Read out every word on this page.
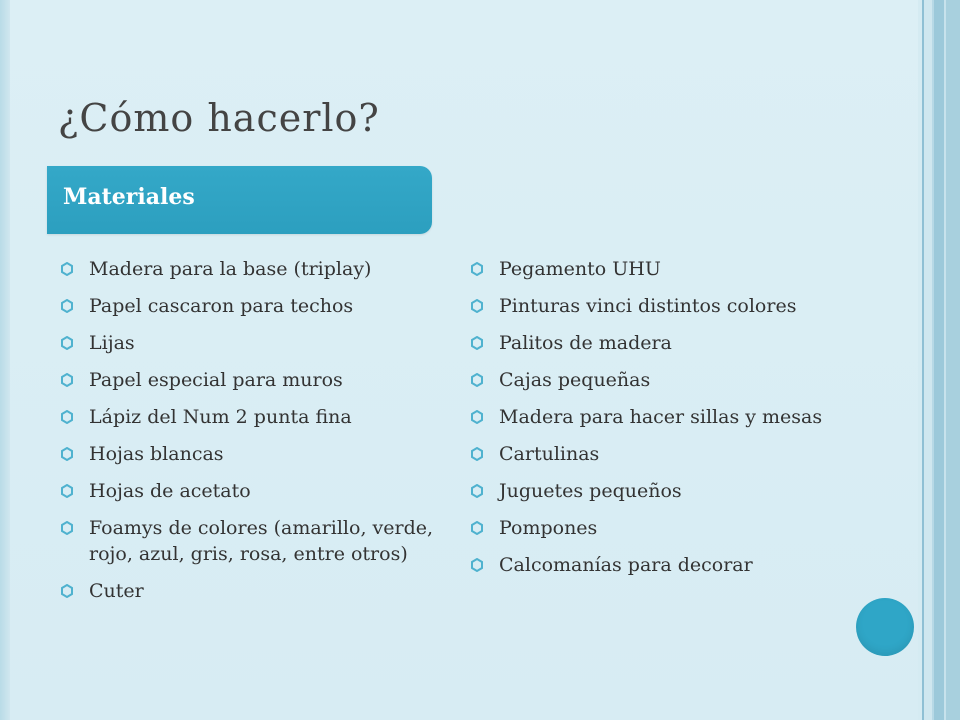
¿Cómo hacerlo?
Materiales
Madera para la base (triplay)
Papel cascaron para techos
Lijas
Papel especial para muros
Lápiz del Num 2 punta fina
Hojas blancas
Hojas de acetato
Foamys de colores (amarillo, verde, rojo, azul, gris, rosa, entre otros)
Cuter
Pegamento UHU
Pinturas vinci distintos colores
Palitos de madera
Cajas pequeñas
Madera para hacer sillas y mesas
Cartulinas
Juguetes pequeños
Pompones
Calcomanías para decorar
